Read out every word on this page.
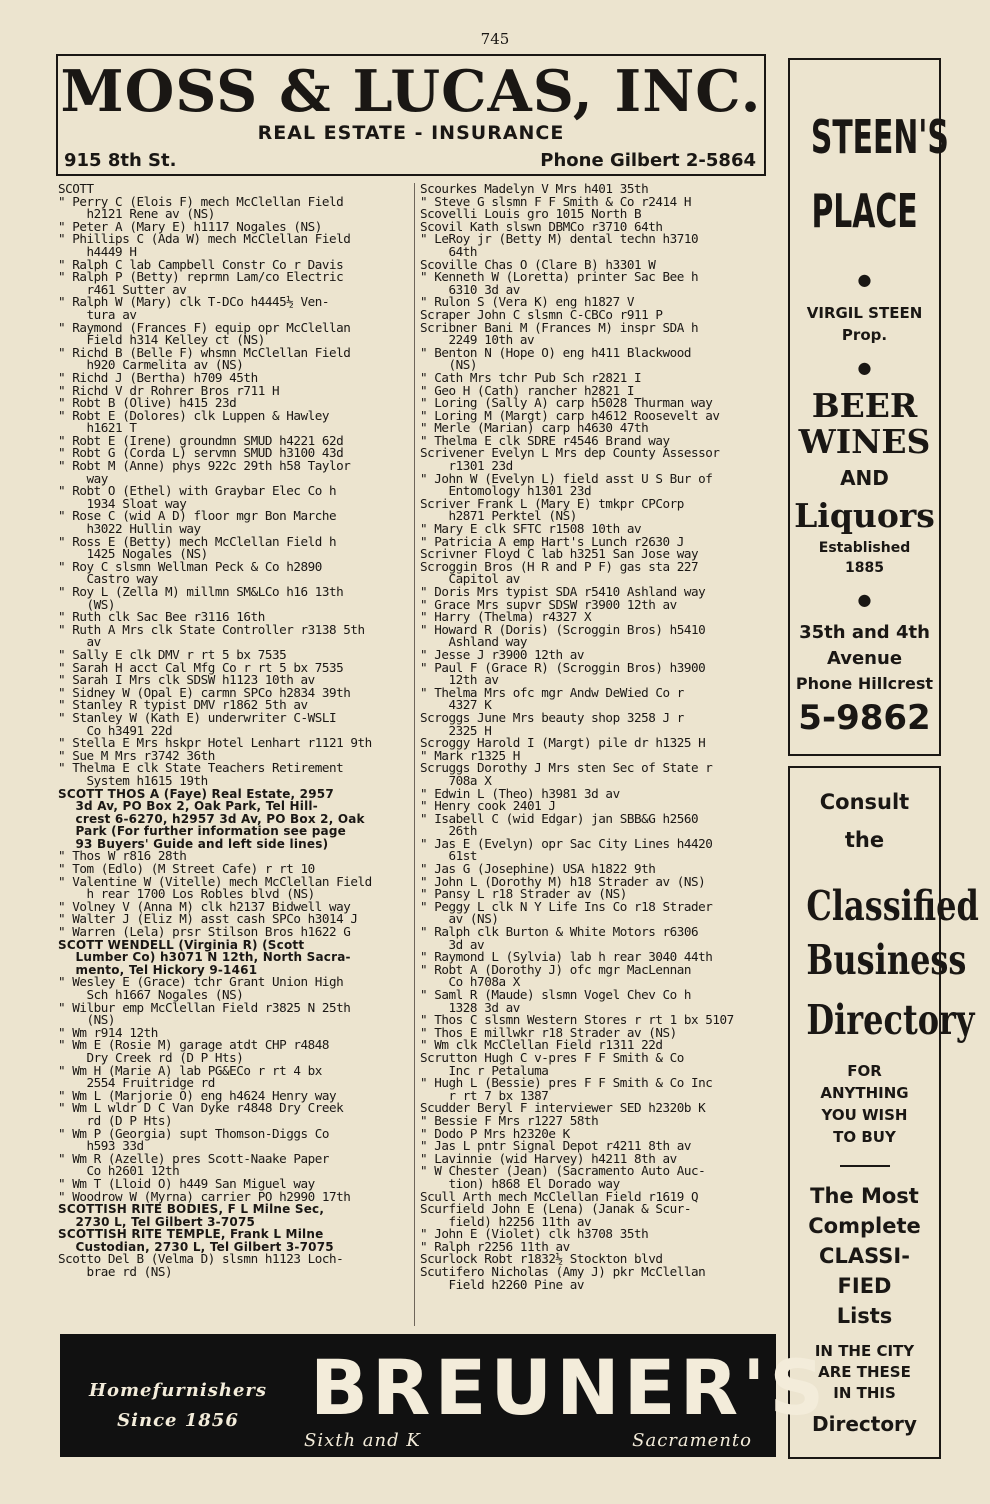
745
MOSS & LUCAS, INC.
REAL ESTATE - INSURANCE
915 8th St.	Phone Gilbert 2-5864
SCOTT
" Perry C (Elois F) mech McClellan Field
h2121 Rene av (NS)
" Peter A (Mary E) h1117 Nogales (NS)
" Phillips C (Ada W) mech McClellan Field
h4449 H
" Ralph C lab Campbell Constr Co r Davis
" Ralph P (Betty) reprmn Lam/co Electric
r461 Sutter av
" Ralph W (Mary) clk T-DCo h4445½ Ven-
tura av
" Raymond (Frances F) equip opr McClellan
Field h314 Kelley ct (NS)
" Richd B (Belle F) whsmn McClellan Field
h920 Carmelita av (NS)
" Richd J (Bertha) h709 45th
" Richd V dr Rohrer Bros r711 H
" Robt B (Olive) h415 23d
" Robt E (Dolores) clk Luppen & Hawley
h1621 T
" Robt E (Irene) groundmn SMUD h4221 62d
" Robt G (Corda L) servmn SMUD h3100 43d
" Robt M (Anne) phys 922c 29th h58 Taylor
way
" Robt O (Ethel) with Graybar Elec Co h
1934 Sloat way
" Rose C (wid A D) floor mgr Bon Marche
h3022 Hullin way
" Ross E (Betty) mech McClellan Field h
1425 Nogales (NS)
" Roy C slsmn Wellman Peck & Co h2890
Castro way
" Roy L (Zella M) millmn SM&LCo h16 13th
(WS)
" Ruth clk Sac Bee r3116 16th
" Ruth A Mrs clk State Controller r3138 5th
av
" Sally E clk DMV r rt 5 bx 7535
" Sarah H acct Cal Mfg Co r rt 5 bx 7535
" Sarah I Mrs clk SDSW h1123 10th av
" Sidney W (Opal E) carmn SPCo h2834 39th
" Stanley R typist DMV r1862 5th av
" Stanley W (Kath E) underwriter C-WSLI
Co h3491 22d
" Stella E Mrs hskpr Hotel Lenhart r1121 9th
" Sue M Mrs r3742 36th
" Thelma E clk State Teachers Retirement
System h1615 19th
SCOTT THOS A (Faye) Real Estate, 2957
3d Av, PO Box 2, Oak Park, Tel Hill-
crest 6-6270, h2957 3d Av, PO Box 2, Oak
Park (For further information see page
93 Buyers' Guide and left side lines)
" Thos W r816 28th
" Tom (Edlo) (M Street Cafe) r rt 10
" Valentine W (Vitelle) mech McClellan Field
h rear 1700 Los Robles blvd (NS)
" Volney V (Anna M) clk h2137 Bidwell way
" Walter J (Eliz M) asst cash SPCo h3014 J
" Warren (Lela) prsr Stilson Bros h1622 G
SCOTT WENDELL (Virginia R) (Scott
Lumber Co) h3071 N 12th, North Sacra-
mento, Tel Hickory 9-1461
" Wesley E (Grace) tchr Grant Union High
Sch h1667 Nogales (NS)
" Wilbur emp McClellan Field r3825 N 25th
(NS)
" Wm r914 12th
" Wm E (Rosie M) garage atdt CHP r4848
Dry Creek rd (D P Hts)
" Wm H (Marie A) lab PG&ECo r rt 4 bx
2554 Fruitridge rd
" Wm L (Marjorie O) eng h4624 Henry way
" Wm L wldr D C Van Dyke r4848 Dry Creek
rd (D P Hts)
" Wm P (Georgia) supt Thomson-Diggs Co
h593 33d
" Wm R (Azelle) pres Scott-Naake Paper
Co h2601 12th
" Wm T (Lloid O) h449 San Miguel way
" Woodrow W (Myrna) carrier PO h2990 17th
SCOTTISH RITE BODIES, F L Milne Sec,
2730 L, Tel Gilbert 3-7075
SCOTTISH RITE TEMPLE, Frank L Milne
Custodian, 2730 L, Tel Gilbert 3-7075
Scotto Del B (Velma D) slsmn h1123 Loch-
brae rd (NS)
Scourkes Madelyn V Mrs h401 35th
" Steve G slsmn F F Smith & Co r2414 H
Scovelli Louis gro 1015 North B
Scovil Kath slswn DBMCo r3710 64th
" LeRoy jr (Betty M) dental techn h3710
64th
Scoville Chas O (Clare B) h3301 W
" Kenneth W (Loretta) printer Sac Bee h
6310 3d av
" Rulon S (Vera K) eng h1827 V
Scraper John C slsmn C-CBCo r911 P
Scribner Bani M (Frances M) inspr SDA h
2249 10th av
" Benton N (Hope O) eng h411 Blackwood
(NS)
" Cath Mrs tchr Pub Sch r2821 I
" Geo H (Cath) rancher h2821 I
" Loring (Sally A) carp h5028 Thurman way
" Loring M (Margt) carp h4612 Roosevelt av
" Merle (Marian) carp h4630 47th
" Thelma E clk SDRE r4546 Brand way
Scrivener Evelyn L Mrs dep County Assessor
r1301 23d
" John W (Evelyn L) field asst U S Bur of
Entomology h1301 23d
Scriver Frank L (Mary E) tmkpr CPCorp
h2871 Perktel (NS)
" Mary E clk SFTC r1508 10th av
" Patricia A emp Hart's Lunch r2630 J
Scrivner Floyd C lab h3251 San Jose way
Scroggin Bros (H R and P F) gas sta 227
Capitol av
" Doris Mrs typist SDA r5410 Ashland way
" Grace Mrs supvr SDSW r3900 12th av
" Harry (Thelma) r4327 X
" Howard R (Doris) (Scroggin Bros) h5410
Ashland way
" Jesse J r3900 12th av
" Paul F (Grace R) (Scroggin Bros) h3900
12th av
" Thelma Mrs ofc mgr Andw DeWied Co r
4327 K
Scroggs June Mrs beauty shop 3258 J r
2325 H
Scroggy Harold I (Margt) pile dr h1325 H
" Mark r1325 H
Scruggs Dorothy J Mrs sten Sec of State r
708a X
" Edwin L (Theo) h3981 3d av
" Henry cook 2401 J
" Isabell C (wid Edgar) jan SBB&G h2560
26th
" Jas E (Evelyn) opr Sac City Lines h4420
61st
" Jas G (Josephine) USA h1822 9th
" John L (Dorothy M) h18 Strader av (NS)
" Pansy L r18 Strader av (NS)
" Peggy L clk N Y Life Ins Co r18 Strader
av (NS)
" Ralph clk Burton & White Motors r6306
3d av
" Raymond L (Sylvia) lab h rear 3040 44th
" Robt A (Dorothy J) ofc mgr MacLennan
Co h708a X
" Saml R (Maude) slsmn Vogel Chev Co h
1328 3d av
" Thos C slsmn Western Stores r rt 1 bx 5107
" Thos E millwkr r18 Strader av (NS)
" Wm clk McClellan Field r1311 22d
Scrutton Hugh C v-pres F F Smith & Co
Inc r Petaluma
" Hugh L (Bessie) pres F F Smith & Co Inc
r rt 7 bx 1387
Scudder Beryl F interviewer SED h2320b K
" Bessie F Mrs r1227 58th
" Dodo P Mrs h2320e K
" Jas L pntr Signal Depot r4211 8th av
" Lavinnie (wid Harvey) h4211 8th av
" W Chester (Jean) (Sacramento Auto Auc-
tion) h868 El Dorado way
Scull Arth mech McClellan Field r1619 Q
Scurfield John E (Lena) (Janak & Scur-
field) h2256 11th av
" John E (Violet) clk h3708 35th
" Ralph r2256 11th av
Scurlock Robt r1832½ Stockton blvd
Scutifero Nicholas (Amy J) pkr McClellan
Field h2260 Pine av
STEEN'S
PLACE
●
VIRGIL STEEN
Prop.
●
BEER
WINES
AND
Liquors
Established
1885
●
35th and 4th
Avenue
Phone Hillcrest
5-9862
Consult
the
Classified
Business
Directory
FOR
ANYTHING
YOU WISH
TO BUY
The Most
Complete
CLASSI-
FIED
Lists
IN THE CITY
ARE THESE
IN THIS
Directory
Homefurnishers
Since 1856 BREUNER'S
Sixth and K	Sacramento
